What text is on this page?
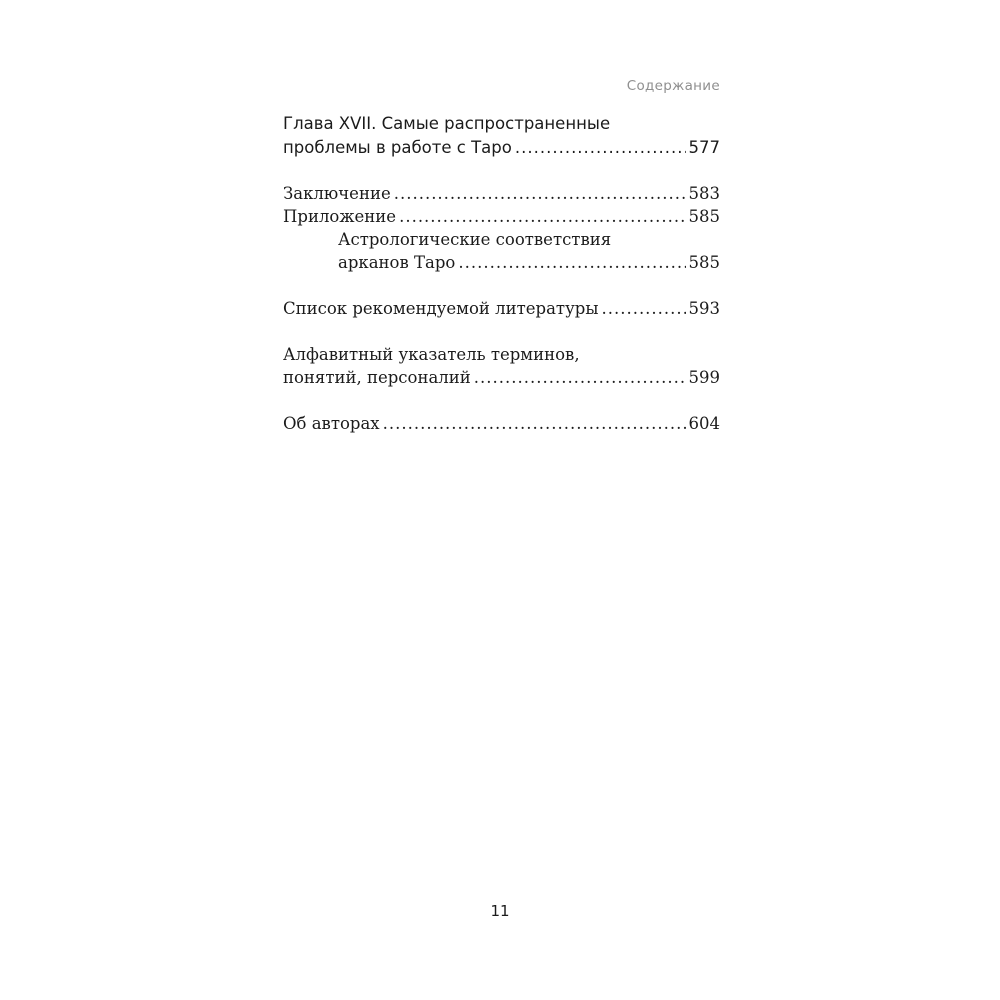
Содержание
Глава XVII. Самые распространенные
проблемы в работе с Таро .....	577
Заключение .....	583
Приложение .....	585
Астрологические соответствия
арканов Таро .....	585
Список рекомендуемой литературы .....	593
Алфавитный указатель терминов,
понятий, персоналий .....	599
Об авторах .....	604
11
